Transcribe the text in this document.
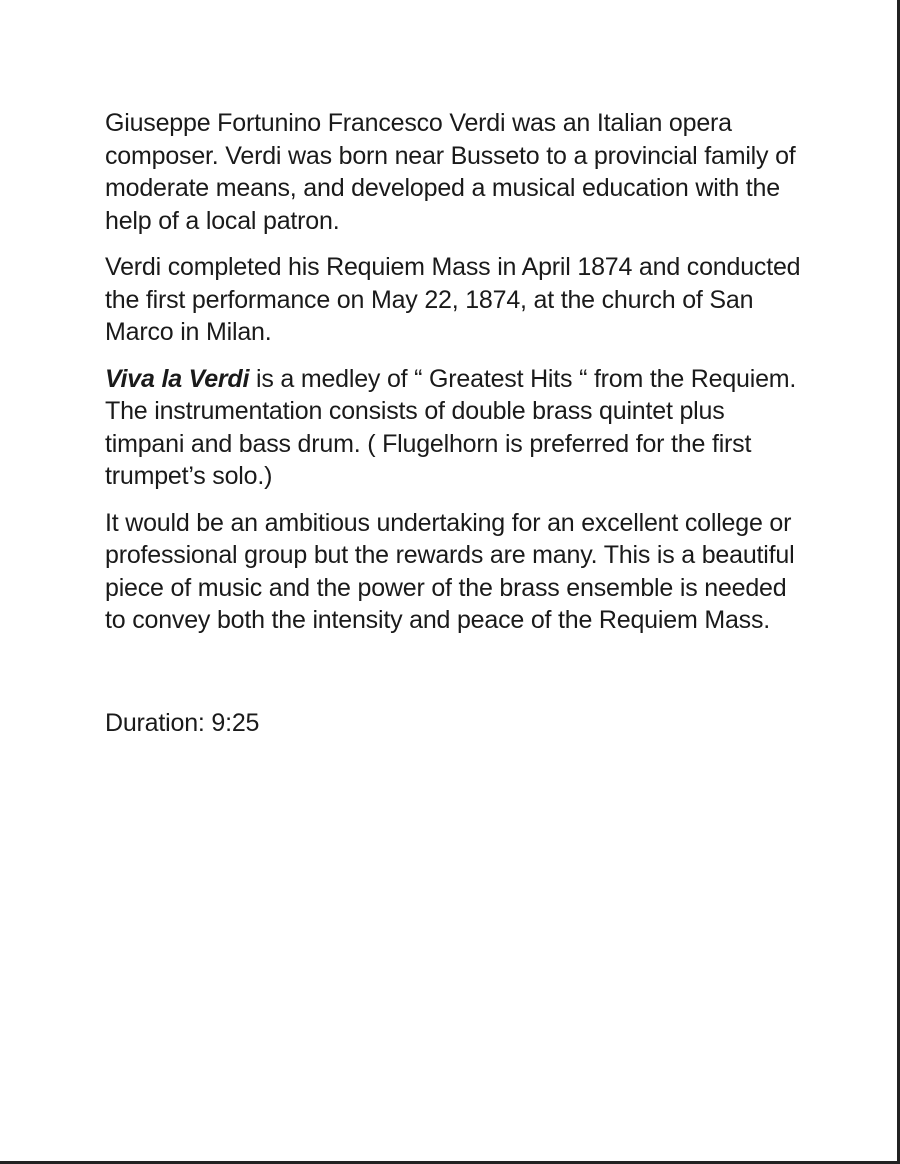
Giuseppe Fortunino Francesco Verdi was an Italian opera composer. Verdi was born near Busseto to a provincial family of moderate means, and developed a musical education with the help of a local patron.

Verdi completed his Requiem Mass in April 1874 and conducted the first performance on May 22, 1874, at the church of San Marco in Milan.

Viva la Verdi is a medley of “ Greatest Hits “ from the Requiem. The instrumentation consists of double brass quintet plus timpani and bass drum. ( Flugelhorn is preferred for the first trumpet’s solo.)

It would be an ambitious undertaking for an excellent college or professional group but the rewards are many. This is a beautiful piece of music and the power of the brass ensemble is needed to convey both the intensity and peace of the Requiem Mass.

Duration: 9:25
